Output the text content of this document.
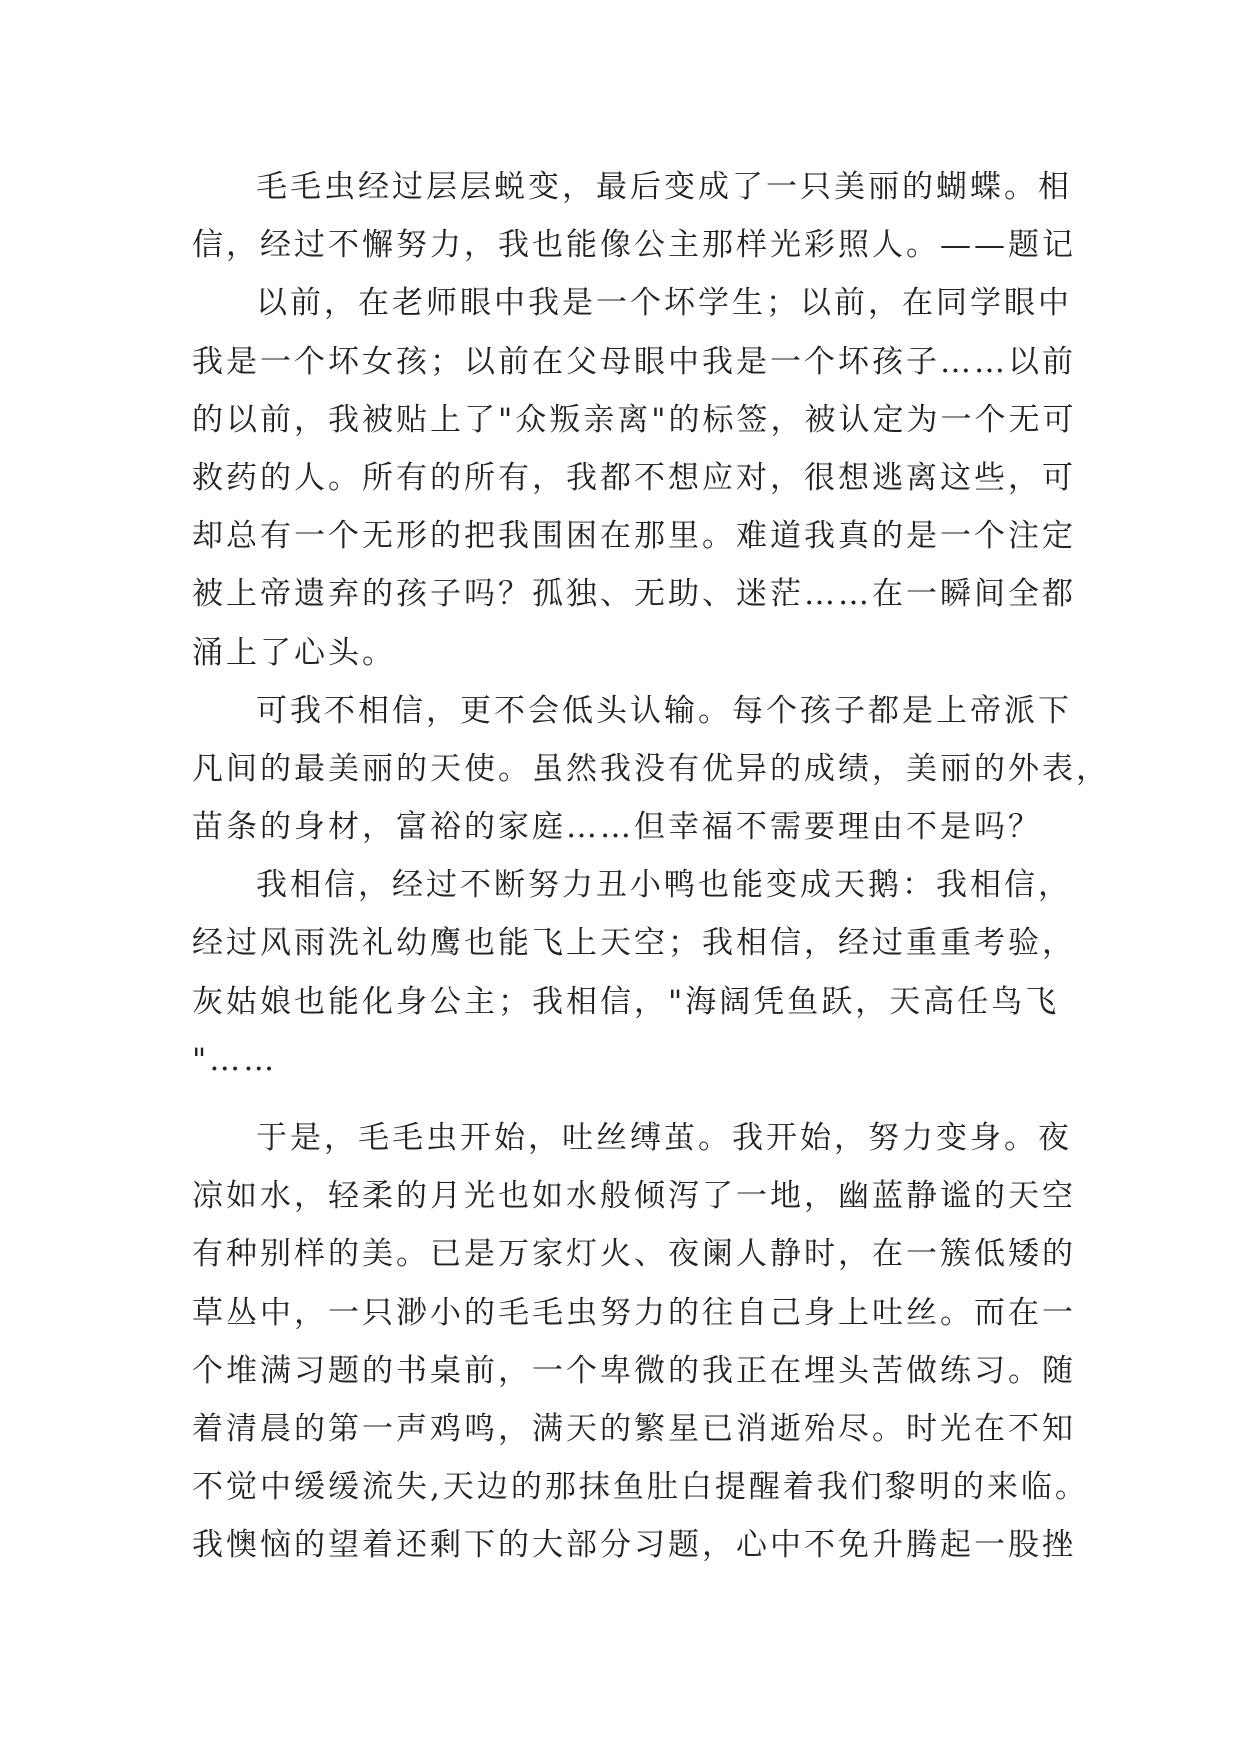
毛毛虫经过层层蜕变，最后变成了一只美丽的蝴蝶。相
信，经过不懈努力，我也能像公主那样光彩照人。——题记
以前，在老师眼中我是一个坏学生；以前，在同学眼中
我是一个坏女孩；以前在父母眼中我是一个坏孩子……以前
的以前，我被贴上了"众叛亲离"的标签，被认定为一个无可
救药的人。所有的所有，我都不想应对，很想逃离这些，可
却总有一个无形的把我围困在那里。难道我真的是一个注定
被上帝遗弃的孩子吗？孤独、无助、迷茫……在一瞬间全都
涌上了心头。
可我不相信，更不会低头认输。每个孩子都是上帝派下
凡间的最美丽的天使。虽然我没有优异的成绩，美丽的外表，
苗条的身材，富裕的家庭……但幸福不需要理由不是吗？
我相信，经过不断努力丑小鸭也能变成天鹅：我相信，
经过风雨洗礼幼鹰也能飞上天空；我相信，经过重重考验，
灰姑娘也能化身公主；我相信，"海阔凭鱼跃，天高任鸟飞
"……
于是，毛毛虫开始，吐丝缚茧。我开始，努力变身。夜
凉如水，轻柔的月光也如水般倾泻了一地，幽蓝静谧的天空
有种别样的美。已是万家灯火、夜阑人静时，在一簇低矮的
草丛中，一只渺小的毛毛虫努力的往自己身上吐丝。而在一
个堆满习题的书桌前，一个卑微的我正在埋头苦做练习。随
着清晨的第一声鸡鸣，满天的繁星已消逝殆尽。时光在不知
不觉中缓缓流失,天边的那抹鱼肚白提醒着我们黎明的来临。
我懊恼的望着还剩下的大部分习题，心中不免升腾起一股挫
